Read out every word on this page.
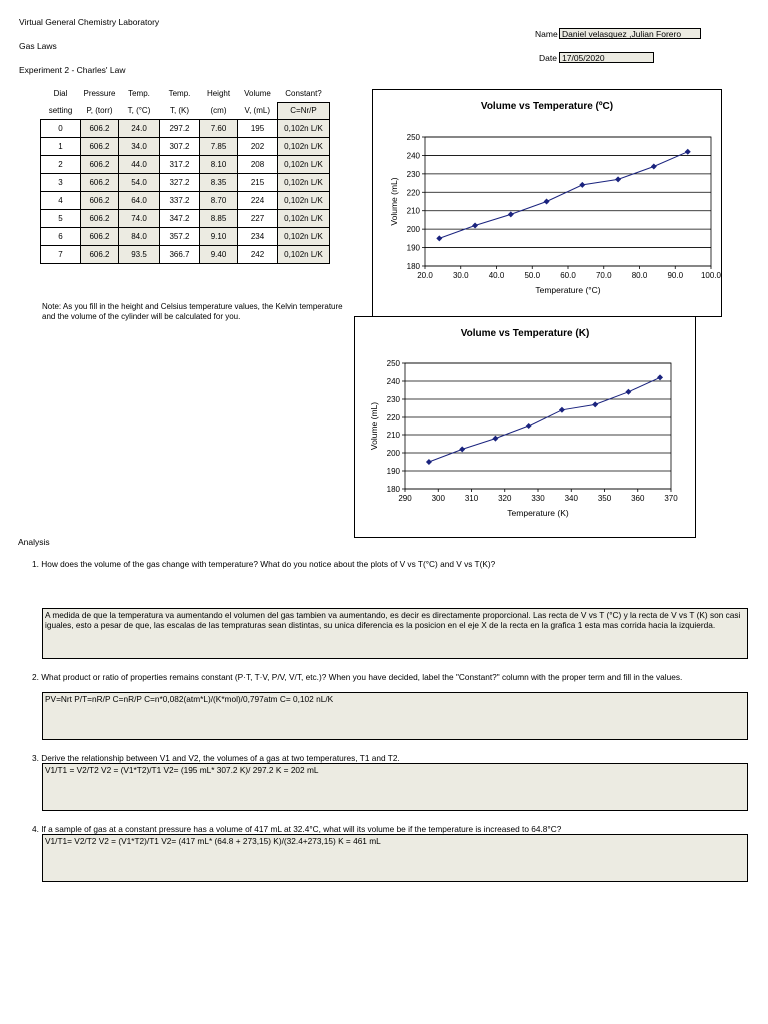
Virtual General Chemistry Laboratory
Gas Laws
Experiment 2 - Charles' Law
Name Daniel velasquez ,Julian Forero
Date 17/05/2020
Dial	Pressure	Temp.	Temp.	Height	Volume	Constant?
setting	P, (torr)	T, (°C)	T, (K)	(cm)	V, (mL)	C=Nr/P
0	606.2	24.0	297.2	7.60	195	0,102n L/K
1	606.2	34.0	307.2	7.85	202	0,102n L/K
2	606.2	44.0	317.2	8.10	208	0,102n L/K
3	606.2	54.0	327.2	8.35	215	0,102n L/K
4	606.2	64.0	337.2	8.70	224	0,102n L/K
5	606.2	74.0	347.2	8.85	227	0,102n L/K
6	606.2	84.0	357.2	9.10	234	0,102n L/K
7	606.2	93.5	366.7	9.40	242	0,102n L/K
Note: As you fill in the height and Celsius temperature values, the Kelvin temperature and the volume of the cylinder will be calculated for you.
Volume vs Temperature (ºC)
180
190
200
210
220
230
240
250
20.0	30.0	40.0	50.0	60.0	70.0	80.0	90.0 100.0
Temperature (°C)
Volume (mL)
Volume vs Temperature (K)
180
190
200
210
220
230
240
250
290 300 310 320 330 340 350 360 370
Temperature (K)
Volume (mL)
Analysis
1. How does the volume of the gas change with temperature? What do you notice about the plots of V vs T(°C) and V vs T(K)?
A medida de que la temperatura va aumentando el volumen del gas tambien va aumentando, es decir es directamente proporcional. Las recta de V vs T (°C) y la recta de V vs T (K) son casi iguales, esto a pesar de que, las escalas de las tempraturas sean distintas, su unica diferencia es la posicion en el eje X de la recta en la grafica 1 esta mas corrida hacia la izquierda.
2. What product or ratio of properties remains constant (P·T, T·V, P/V, V/T, etc.)? When you have decided, label the "Constant?" column with the proper term and fill in the values.
PV=Nrt P/T=nR/P C=nR/P C=n*0,082(atm*L)/(K*mol)/0,797atm C= 0,102 nL/K
3. Derive the relationship between V1 and V2, the volumes of a gas at two temperatures, T1 and T2.
V1/T1 = V2/T2 V2 = (V1*T2)/T1 V2= (195 mL* 307.2 K)/ 297.2 K = 202 mL
4. If a sample of gas at a constant pressure has a volume of 417 mL at 32.4°C, what will its volume be if the temperature is increased to 64.8°C?
V1/T1= V2/T2 V2 = (V1*T2)/T1 V2= (417 mL* (64.8 + 273,15) K)/(32.4+273,15) K = 461 mL
